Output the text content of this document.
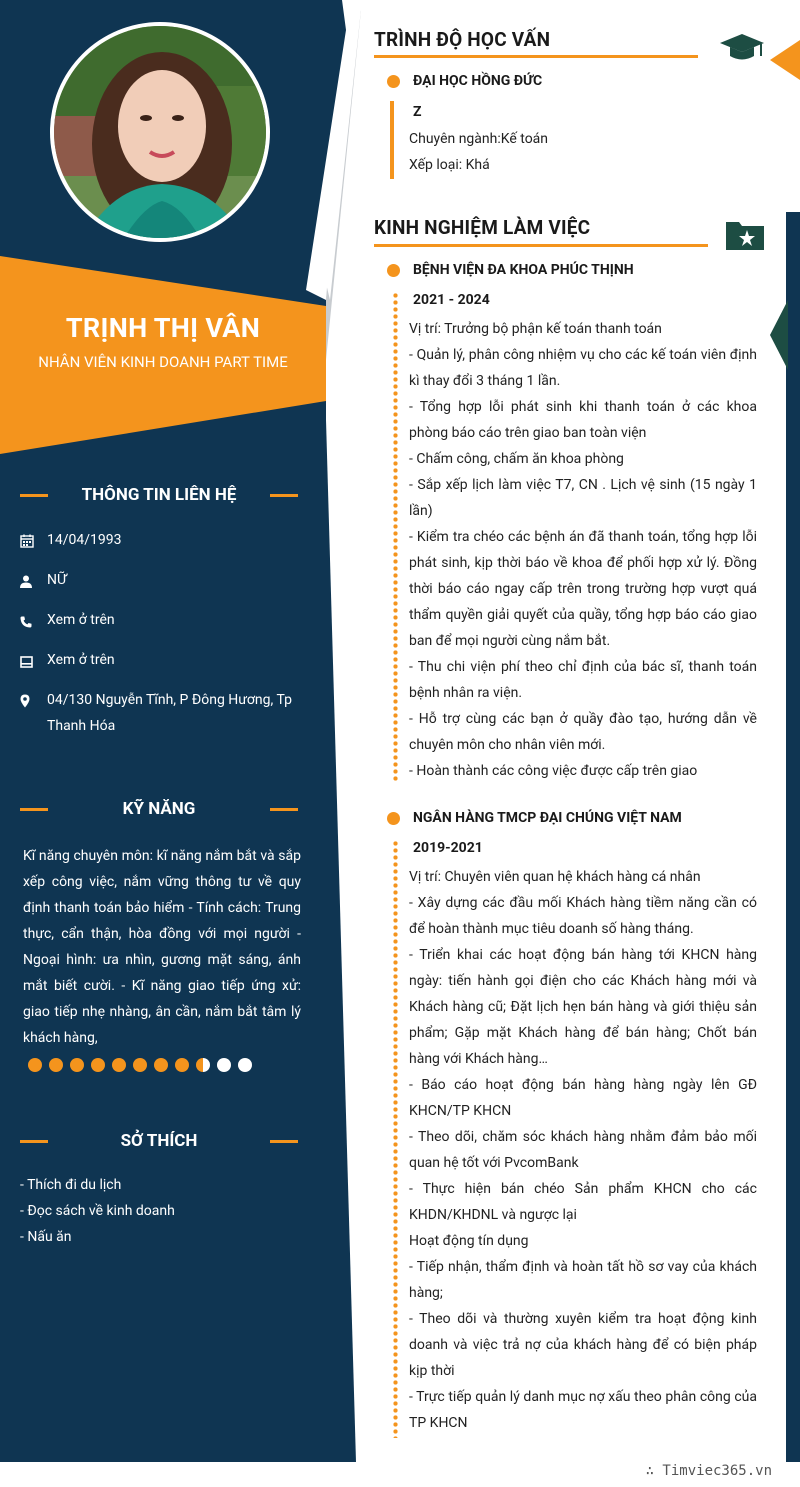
TRỊNH THỊ VÂN
NHÂN VIÊN KINH DOANH PART TIME
THÔNG TIN LIÊN HỆ
14/04/1993
NỮ
Xem ở trên
Xem ở trên
04/130 Nguyễn Tĩnh, P Đông Hương, Tp Thanh Hóa
KỸ NĂNG
Kĩ năng chuyên môn: kĩ năng nắm bắt và sắp xếp công việc, nắm vững thông tư về quy định thanh toán bảo hiểm - Tính cách: Trung thực, cẩn thận, hòa đồng với mọi người - Ngoại hình: ưa nhìn, gương mặt sáng, ánh mắt biết cười. - Kĩ năng giao tiếp ứng xử: giao tiếp nhẹ nhàng, ân cần, nắm bắt tâm lý khách hàng,
SỞ THÍCH
- Thích đi du lịch
- Đọc sách về kinh doanh
- Nấu ăn
TRÌNH ĐỘ HỌC VẤN
ĐẠI HỌC HỒNG ĐỨC
Z
Chuyên ngành:Kế toán
Xếp loại: Khá
KINH NGHIỆM LÀM VIỆC
BỆNH VIỆN ĐA KHOA PHÚC THỊNH
2021 - 2024

Vị trí: Trưởng bộ phận kế toán thanh toán

- Quản lý, phân công nhiệm vụ cho các kế toán viên định kì thay đổi 3 tháng 1 lần.

- Tổng hợp lỗi phát sinh khi thanh toán ở các khoa phòng báo cáo trên giao ban toàn viện

- Chấm công, chấm ăn khoa phòng

- Sắp xếp lịch làm việc T7, CN . Lịch vệ sinh (15 ngày 1 lần)

- Kiểm tra chéo các bệnh án đã thanh toán, tổng hợp lỗi phát sinh, kịp thời báo về khoa để phối hợp xử lý. Đồng thời báo cáo ngay cấp trên trong trường hợp vượt quá thẩm quyền giải quyết của quầy, tổng hợp báo cáo giao ban để mọi người cùng nắm bắt.

- Thu chi viện phí theo chỉ định của bác sĩ, thanh toán bệnh nhân ra viện.

- Hỗ trợ cùng các bạn ở quầy đào tạo, hướng dẫn về chuyên môn cho nhân viên mới.

- Hoàn thành các công việc được cấp trên giao

NGÂN HÀNG TMCP ĐẠI CHÚNG VIỆT NAM
2019-2021

Vị trí: Chuyên viên quan hệ khách hàng cá nhân

- Xây dựng các đầu mối Khách hàng tiềm năng cần có để hoàn thành mục tiêu doanh số hàng tháng.

- Triển khai các hoạt động bán hàng tới KHCN hàng ngày: tiến hành gọi điện cho các Khách hàng mới và Khách hàng cũ; Đặt lịch hẹn bán hàng và giới thiệu sản phẩm; Gặp mặt Khách hàng để bán hàng; Chốt bán hàng với Khách hàng…

- Báo cáo hoạt động bán hàng hàng ngày lên GĐ KHCN/TP KHCN

- Theo dõi, chăm sóc khách hàng nhằm đảm bảo mối quan hệ tốt với PvcomBank

- Thực hiện bán chéo Sản phẩm KHCN cho các KHDN/KHDNL và ngược lại

Hoạt động tín dụng

- Tiếp nhận, thẩm định và hoàn tất hồ sơ vay của khách hàng;

- Theo dõi và thường xuyên kiểm tra hoạt động kinh doanh và việc trả nợ của khách hàng để có biện pháp kịp thời

- Trực tiếp quản lý danh mục nợ xấu theo phân công của TP KHCN

∴ Timviec365.vn
